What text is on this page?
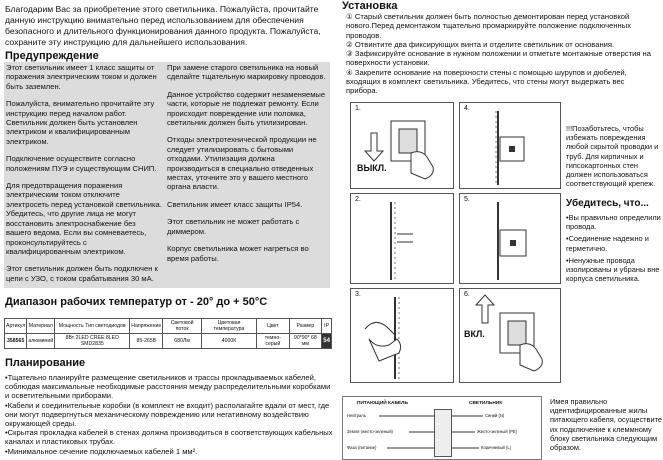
Благодарим Вас за приобретение этого светильника. Пожалуйста, прочитайте данную инструкцию внимательно перед использованием для обеспечения безопасного и длительного функционирования данного продукта. Пожалуйста, сохраните эту инструкцию для дальнейшего использования.
Предупреждение

Этот светильник имеет 1 класс защиты от поражения электрическим током и должен быть заземлен.

Пожалуйста, внимательно прочитайте эту инструкцию перед началом работ. Светильник должен быть установлен электриком и квалифицированным электриком.

Подключение осуществите согласно положениям ПУЭ и существующим СНИП.

Для предотвращения поражения электрическим током отключите электросеть перед установкой светильника. Убедитесь, что другие лица не могут восстановить электроснабжение без вашего ведома. Если вы сомневаетесь, проконсультируйтесь с квалифицированным электриком.

Этот светильник должен быть подключен к цепи с УЗО, с током срабатывания 30 мА.

При замене старого светильника на новый сделайте тщательную маркировку проводов.

Данное устройство содержит незаменяемые части, которые не подлежат ремонту. Если происходит повреждение или поломка, светильник должен быть утилизирован.

Отходы электротехнической продукции не следует утилизировать с бытовыми отходами. Утилизация должна производиться в специально отведенных местах, уточните это у вашего местного органа власти.

Светильник имеет класс защиты IP54.

Этот светильник не может работать с диммером.

Корпус светильника может нагреться во время работы.

Диапазон рабочих температур от - 20° до + 50°С
Артикул	Материал	Мощность Тип светодиодов	Напряжение	Световой поток	Цветовая температура	Цвет	Размер	IP
358565	алюминий	8Вт 2LED CREE 8LED SMD2835	85-265В	680Лм	4000К	темно-серый	90*90* 68 мм	54
Планирование
•Тщательно планируйте размещение светильников и трассы прокладываемых кабелей, соблюдая максимальные необходимые расстояния между распределительными коробками и осветительными приборами.
•Кабели и соединительные коробки (в комплект не входит) располагайте вдали от мест, где они могут подвергнуться механическому повреждению или негативному воздействию окружающей среды.
•Скрытая прокладка кабелей в стенах должна производиться в соответствующих кабельных каналах и пластиковых трубах.
•Минимальное сечение подключаемых кабелей 1 мм².
Установка
① Старый светильник должен быть полностью демонтирован перед установкой нового.Перед демонтажом тщательно промаркируйте положение подключенных проводов.
② Отвинтите два фиксирующих винта и отделите светильник от основания.
③ Зафиксируйте основание в нужном положении и отметьте монтажные отверстия на поверхности установки.
④ Закрепите основание на поверхности стены с помощью шурупов и дюбелей, входящих в комплект светильника. Убедитесь, что стены могут выдержать вес прибора.
1.
ВЫКЛ.
4.
2.	5.
3.	6.
ВКЛ.
!!!Позаботьтесь, чтобы избежать повреждения любой скрытой проводки и труб. Для кирпичных и гипсокартонных стен должен использоваться соответствующий крепеж.
Убедитесь, что...
•Вы правильно определили провода.
•Соединение надежно и герметично.
•Ненужные провода изолированы и убраны вне корпуса светильника.
ПИТАЮЩИЙ КАБЕЛЬ	СВЕТИЛЬНИК
Нейтраль
Земля (желто-зеленый)
Фаза (питание)
Синий (N)
Желто-зеленый (PE)
Коричневый (L)
Имея правильно идентифицированные жилы питающего кабеля, осуществите их подключение к клеммному блоку светильника следующим образом.
